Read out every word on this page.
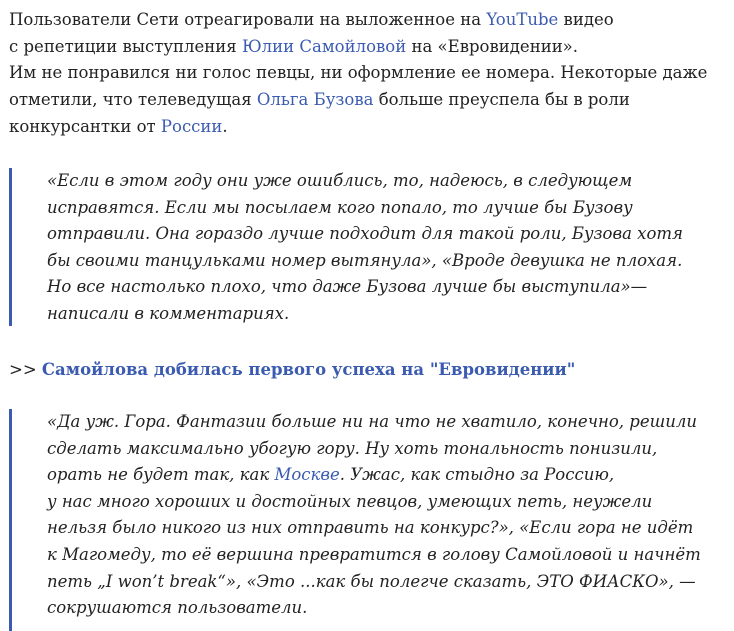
Пользователи Сети отреагировали на выложенное на YouTube видео
с репетиции выступления Юлии Самойловой на «Евровидении».
Им не понравился ни голос певцы, ни оформление ее номера. Некоторые даже
отметили, что телеведущая Ольга Бузова больше преуспела бы в роли
конкурсантки от России.

«Если в этом году они уже ошиблись, то, надеюсь, в следующем
исправятся. Если мы посылаем кого попало, то лучше бы Бузову
отправили. Она гораздо лучше подходит для такой роли, Бузова хотя
бы своими танцульками номер вытянула», «Вроде девушка не плохая.
Но все настолько плохо, что даже Бузова лучше бы выступила»—
написали в комментариях.
>> Самойлова добилась первого успеха на "Евровидении"
«Да уж. Гора. Фантазии больше ни на что не хватило, конечно, решили
сделать максимально убогую гору. Ну хоть тональность понизили,
орать не будет так, как Москве. Ужас, как стыдно за Россию,
у нас много хороших и достойных певцов, умеющих петь, неужели
нельзя было никого из них отправить на конкурс?», «Если гора не идёт
к Магомеду, то её вершина превратится в голову Самойловой и начнёт
петь „I won’t break“», «Это ...как бы полегче сказать, ЭТО ФИАСКО», —
сокрушаются пользователи.
